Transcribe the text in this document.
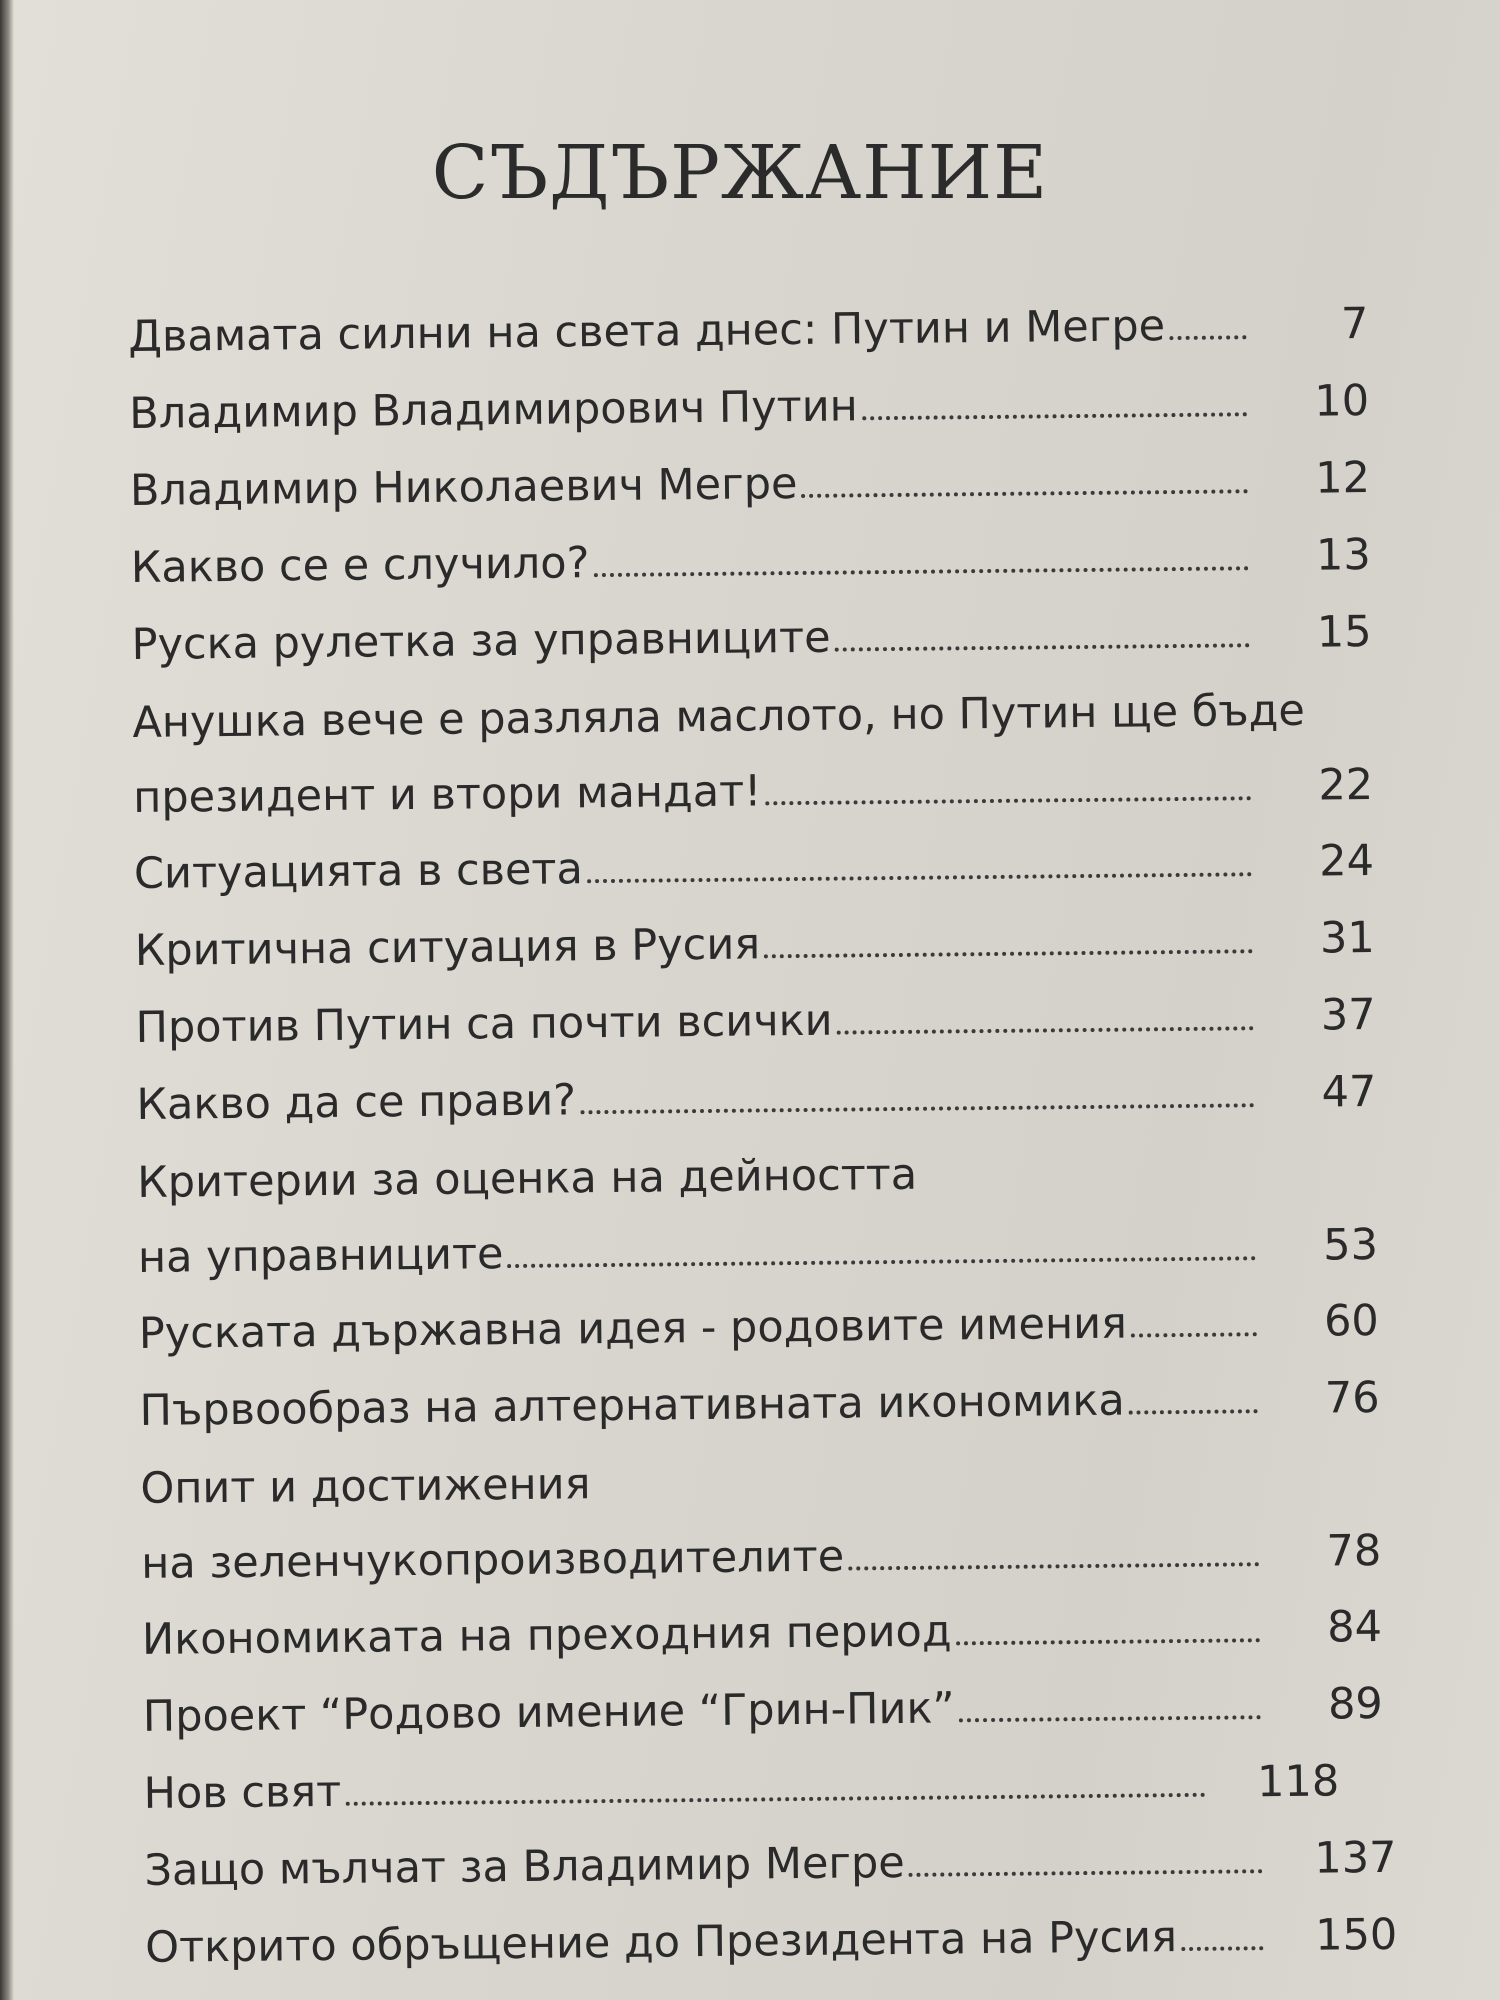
СЪДЪРЖАНИЕ
Двамата силни на света днес: Путин и Мегре	7
Владимир Владимирович Путин	10
Владимир Николаевич Мегре	12
Какво се е случило?	13
Руска рулетка за управниците	15
Анушка вече е разляла маслото, но Путин ще бъде
президент и втори мандат!	22
Ситуацията в света	24
Критична ситуация в Русия	31
Против Путин са почти всички	37
Какво да се прави?	47
Критерии за оценка на дейността
на управниците	53
Руската държавна идея - родовите имения	60
Първообраз на алтернативната икономика	76
Опит и достижения
на зеленчукопроизводителите	78
Икономиката на преходния период	84
Проект “Родово имение “Грин-Пик”	89
Нов свят	118
Защо мълчат за Владимир Мегре	137
Открито обръщение до Президента на Русия	150
